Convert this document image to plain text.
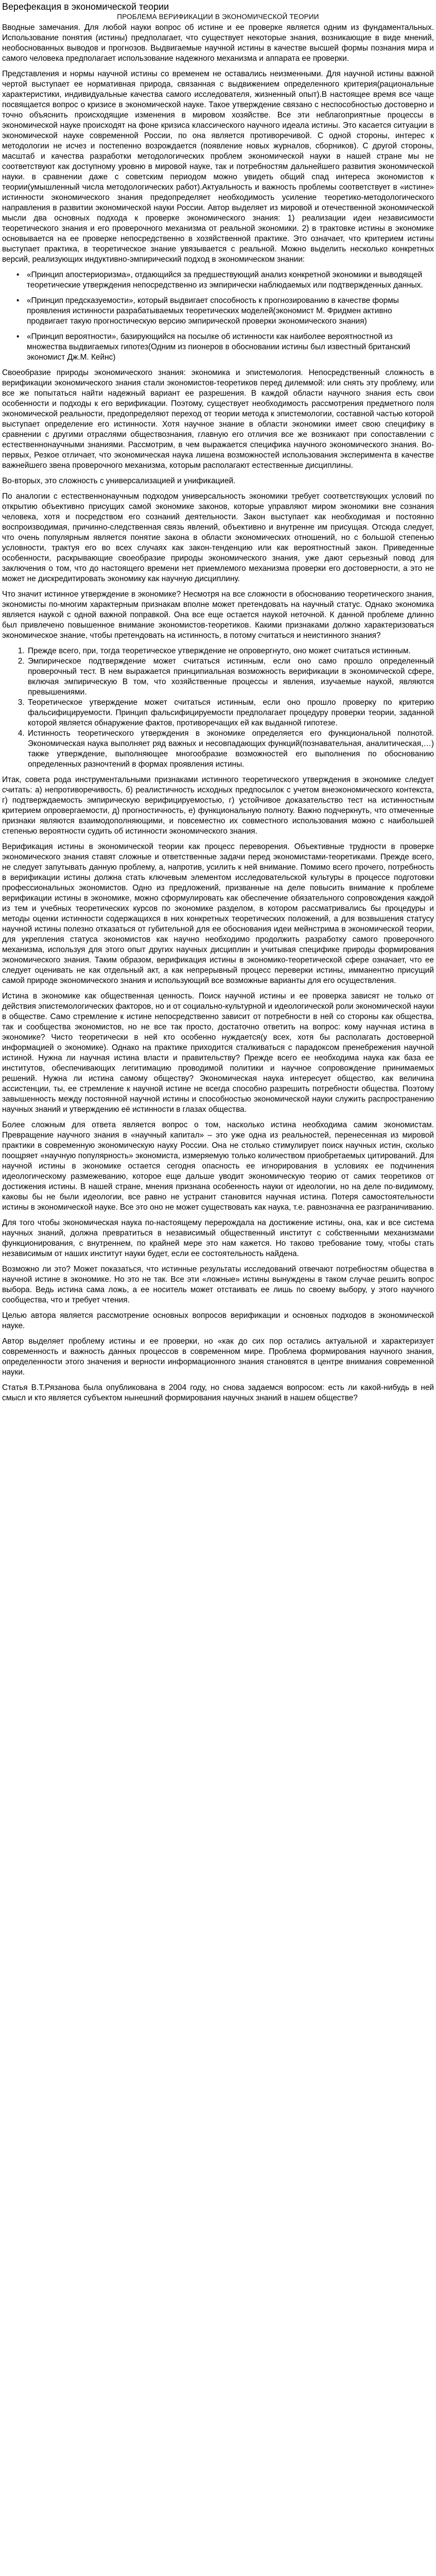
Верефекация в экономической теории
ПРОБЛЕМА ВЕРИФИКАЦИИ В ЭКОНОМИЧЕСКОЙ ТЕОРИИ

Вводные замечания. Для любой науки вопрос об истине и ее проверке является одним из фундаментальных. Использование понятия (истины) предполагает, что существует некоторые знания, возникающие в виде мнений, необоснованных выводов и прогнозов. Выдвигаемые научной истины в качестве высшей формы познания мира и самого человека предполагает использование надежного механизма и аппарата ее проверки.

Представления и нормы научной истины со временем не оставались неизменными. Для научной истины важной чертой выступает ее нормативная природа, связанная с выдвижением определенного критерия(рациональные характеристики, индивидуальные качества самого исследователя, жизненный опыт).В настоящее время все чаще посвящается вопрос о кризисе в экономической науке. Такое утверждение связано с неспособностью достоверно и точно объяснить происходящие изменения в мировом хозяйстве. Все эти неблагоприятные процессы в экономической науке происходят на фоне кризиса классического научного идеала истины. Это касается ситуации в экономической науке современной России, по она является противоречивой. С одной стороны, интерес к методологии не исчез и постепенно возрождается (появление новых журналов, сборников). С другой стороны, масштаб и качества разработки методологических проблем экономической науки в нашей стране мы не соответствуют как доступному уровню в мировой науке, так и потребностям дальнейшего развития экономической науки. в сравнении даже с советским периодом можно увидеть общий спад интереса экономистов к теории(умышленный числа методологических работ).Актуальность и важность проблемы соответствует в «истине» истинности экономического знания предопределяет необходимость усиление теоретико-методологического направления в развитии экономической науки России. Автор выделяет из мировой и отечественной экономической мысли два основных подхода к проверке экономического знания: 1) реализации идеи независимости теоретического знания и его проверочного механизма от реальной экономики. 2) в трактовке истины в экономике основывается на ее проверке непосредственно в хозяйственной практике. Это означает, что критерием истины выступает практика, в теоретическое знание увязывается с реальной. Можно выделить несколько конкретных версий, реализующих индуктивно-эмпирический подход в экономическом знании:

• «Принцип апостериоризма», отдающийся за предшествующий анализ конкретной экономики и выводящей теоретические утверждения непосредственно из эмпирически наблюдаемых или подтвержденных данных.
• «Принцип предсказуемости», который выдвигает способность к прогнозированию в качестве формы проявления истинности разрабатываемых теоретических моделей(экономист М. Фридмен активно продвигает такую прогностическую версию эмпирической проверки экономического знания)
• «Принцип вероятности», базирующийся на посылке об истинности как наиболее вероятностной из множества выдвигаемых гипотез(Одним из пионеров в обосновании истины был известный британский экономист Дж.М. Кейнс)

Своеобразие природы экономического знания: экономика и эпистемология. Непосредственный сложность в верификации экономического знания стали экономистов-теоретиков перед дилеммой: или снять эту проблему, или все же попытаться найти надежный вариант ее разрешения. В каждой области научного знания есть свои особенности и подходы к его верификации. Поэтому, существует необходимость рассмотрения предметного поля экономической реальности, предопределяют переход от теории метода к эпистемологии, составной частью которой выступает определение его истинности. Хотя научное знание в области экономики имеет свою специфику в сравнении с другими отраслями обществознания, главную его отличия все же возникают при сопоставлении с естественнонаучными знаниями. Рассмотрим, в чем выражается специфика научного экономического знания. Во-первых, Резкое отличает, что экономическая наука лишена возможностей использования эксперимента в качестве важнейшего звена проверочного механизма, которым располагают естественные дисциплины.

Во-вторых, это сложность с универсализацией и унификацией.

По аналогии с естественнонаучным подходом универсальность экономики требует соответствующих условий по открытию объективно присущих самой экономике законов, которые управляют миром экономики вне сознания человека, хотя и посредством его сознаний деятельности. Закон выступает как необходимая и постоянно воспроизводимая, причинно-следственная связь явлений, объективно и внутренне им присущая. Отсюда следует, что очень популярным является понятие закона в области экономических отношений, но с большой степенью условности, трактуя его во всех случаях как закон-тенденцию или как вероятностный закон. Приведенные особенности, раскрывающие своеобразие природы экономического знания, уже дают серьезный повод для заключения о том, что до настоящего времени нет приемлемого механизма проверки его достоверности, а это не может не дискредитировать экономику как научную дисциплину.

Что значит истинное утверждение в экономике? Несмотря на все сложности в обоснованию теоретического знания, экономисты по-многим характерным признакам вполне может претендовать на научный статус. Однако экономика является наукой с одной важной поправкой. Она все еще остается наукой неточной. К данной проблеме длинно был привлечено повышенное внимание экономистов-теоретиков. Какими признаками должно характеризоваться экономическое знание, чтобы претендовать на истинность, в потому считаться и неистинного знания?

1. Прежде всего, при, тогда теоретическое утверждение не опровергнуто, оно может считаться истинным.
2. Эмпирическое подтверждение может считаться истинным, если оно само прошло определенный проверочный тест. В нем выражается принципиальная возможность верификации в экономической сфере, включая эмпирическую В том, что хозяйственные процессы и явления, изучаемые наукой, являются превышениями.
3. Теоретическое утверждение может считаться истинным, если оно прошло проверку по критерию фальсифицируемости. Принцип фальсифицируемости предполагает процедуру проверки теории, заданной которой является обнаружение фактов, противоречащих ей как выданной гипотезе.
4. Истинность теоретического утверждения в экономике определяется его функциональной полнотой. Экономическая наука выполняет ряд важных и несовпадающих функций(познавательная, аналитическая,…) также утверждение, выполняющее многообразие возможностей его выполнения по обоснованию определенных разночтений в формах проявления истины.

Итак, совета рода инструментальными признаками истинного теоретического утверждения в экономике следует считать: а) непротиворечивость, б) реалистичность исходных предпосылок с учетом внеэкономического контекста, г) подтверждаемость эмпирическую верифицируемостью, г) устойчивое доказательство тест на истинностным критерием опровергаемости, д) прогностичность, е) функциональную полноту. Важно подчеркнуть, что отмеченные признаки являются взаимодополняющими, и повсеместно их совместного использования можно с наибольшей степенью вероятности судить об истинности экономического знания.

Верификация истины в экономической теории как процесс переворения. Объективные трудности в проверке экономического знания ставят сложные и ответственные задачи перед экономистами-теоретиками. Прежде всего, не следует запутывать данную проблему, а, напротив, усилить к ней внимание. Помимо всего прочего, потребность в верификации истины должна стать ключевым элементом исследовательской культуры в процессе подготовки профессиональных экономистов. Одно из предложений, призванные на деле повысить внимание к проблеме верификации истины в экономике, можно сформулировать как обеспечение обязательного сопровождения каждой из тем и учебных теоретических курсов по экономике разделом, в котором рассматривались бы процедуры и методы оценки истинности содержащихся в них конкретных теоретических положений, а для возвышения статусу научной истины полезно отказаться от губительной для ее обоснования идеи мейнстрима в экономической теории, для укрепления статуса экономистов как научно необходимо продолжить разработку самого проверочного механизма, используя для этого опыт других научных дисциплин и учитывая специфике природы формирования экономического знания. Таким образом, верификация истины в экономико-теоретической сфере означает, что ее следует оценивать не как отдельный акт, а как непрерывный процесс переверки истины, имманентно присущий самой природе экономического знания и использующий все возможные варианты для его осуществления.

Истина в экономике как общественная ценность. Поиск научной истины и ее проверка зависят не только от действия эпистемологических факторов, но и от социально-культурной и идеологической роли экономической науки в обществе. Само стремление к истине непосредственно зависит от потребности в ней со стороны как общества, так и сообщества экономистов, но не все так просто, достаточно ответить на вопрос: кому научная истина в экономике? Чисто теоретически в ней кто особенно нуждается(у всех, хотя бы располагать достоверной информацией о экономике). Однако на практике приходится сталкиваться с парадоксом пренебрежения научной истиной. Нужна ли научная истина власти и правительству? Прежде всего ее необходима наука как база ее институтов, обеспечивающих легитимацию проводимой политики и научное сопровождение принимаемых решений. Нужна ли истина самому обществу? Экономическая наука интересует общество, как величина ассистенции, ты, ее стремление к научной истине не всегда способно разрешить потребности общества. Поэтому завышенность между постоянной научной истины и способностью экономической науки служить распространению научных знаний и утверждению её истинности в глазах общества.

Более сложным для ответа является вопрос о том, насколько истина необходима самим экономистам. Превращение научного знания в «научный капитал» – это уже одна из реальностей, перенесенная из мировой практики в современную экономическую науку России. Она не столько стимулирует поиск научных истин, сколько поощряет «научную популярность» экономиста, измеряемую только количеством приобретаемых цитирований. Для научной истины в экономике остается сегодня опасность ее игнорирования в условиях ее подчинения идеологическому размежеванию, которое еще дальше уводит экономическую теорию от самих теоретиков от достижения истины. В нашей стране, мнения признана особенность науки от идеологии, но на деле по-видимому, каковы бы не были идеологии, все равно не устранит становится научная истина. Потеря самостоятельности истины в экономической науке. Все это оно не может существовать как наука, т.е. равнозначна ее разграничиванию.

Для того чтобы экономическая наука по-настоящему перерождала на достижение истины, она, как и все система научных знаний, должна превратиться в независимый общественный институт с собственными механизмами функционирования, с внутреннем, по крайней мере это нам кажется. Но таково требование тому, чтобы стать независимым от наших институт науки будет, если ее состоятельность найдена.

Возможно ли это? Может показаться, что истинные результаты исследований отвечают потребностям общества в научной истине в экономике. Но это не так. Все эти «ложные» истины вынуждены в таком случае решить вопрос выбора. Ведь истина сама ложь, а ее носитель может отстаивать ее лишь по своему выбору, у этого научного сообщества, что и требует чтения.

Целью автора является рассмотрение основных вопросов верификации и основных подходов в экономической науке.

Автор выделяет проблему истины и ее проверки, но «как до сих пор остались актуальной и характеризует современность и важность данных процессов в современном мире. Проблема формирования научного знания, определенности этого значения и верности информационного знания становятся в центре внимания современной науки.

Статья В.Т.Рязанова была опубликована в 2004 году, но снова задаемся вопросом: есть ли какой-нибудь в ней смысл и кто является субъектом нынешний формирования научных знаний в нашем обществе?
